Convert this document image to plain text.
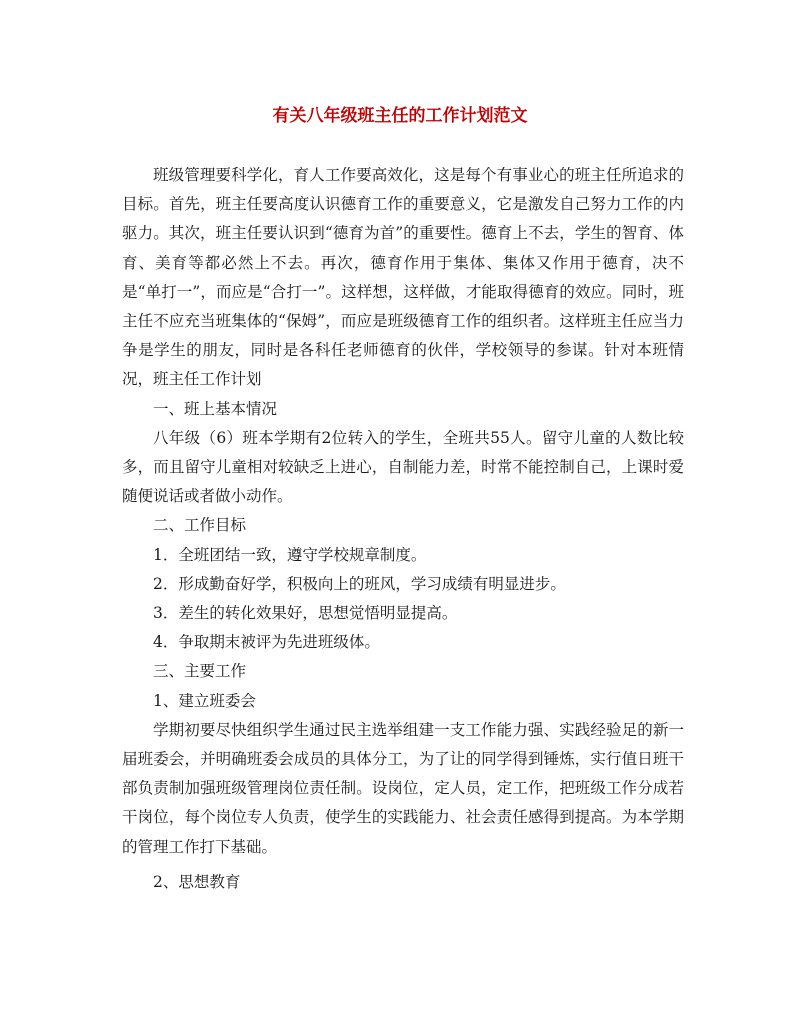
有关八年级班主任的工作计划范文

班级管理要科学化，育人工作要高效化，这是每个有事业心的班主任所追求的目标。首先，班主任要高度认识德育工作的重要意义，它是激发自己努力工作的内驱力。其次，班主任要认识到“德育为首”的重要性。德育上不去，学生的智育、体育、美育等都必然上不去。再次，德育作用于集体、集体又作用于德育，决不是“单打一”，而应是“合打一”。这样想，这样做，才能取得德育的效应。同时，班主任不应充当班集体的“保姆”，而应是班级德育工作的组织者。这样班主任应当力争是学生的朋友，同时是各科任老师德育的伙伴，学校领导的参谋。针对本班情况，班主任工作计划

一、班上基本情况

八年级（6）班本学期有2位转入的学生，全班共55人。留守儿童的人数比较多，而且留守儿童相对较缺乏上进心，自制能力差，时常不能控制自己，上课时爱随便说话或者做小动作。

二、工作目标

1．全班团结一致，遵守学校规章制度。

2．形成勤奋好学，积极向上的班风，学习成绩有明显进步。

3．差生的转化效果好，思想觉悟明显提高。

4．争取期末被评为先进班级体。

三、主要工作

1、建立班委会

学期初要尽快组织学生通过民主选举组建一支工作能力强、实践经验足的新一届班委会，并明确班委会成员的具体分工，为了让的同学得到锤炼，实行值日班干部负责制加强班级管理岗位责任制。设岗位，定人员，定工作，把班级工作分成若干岗位，每个岗位专人负责，使学生的实践能力、社会责任感得到提高。为本学期的管理工作打下基础。

2、思想教育
